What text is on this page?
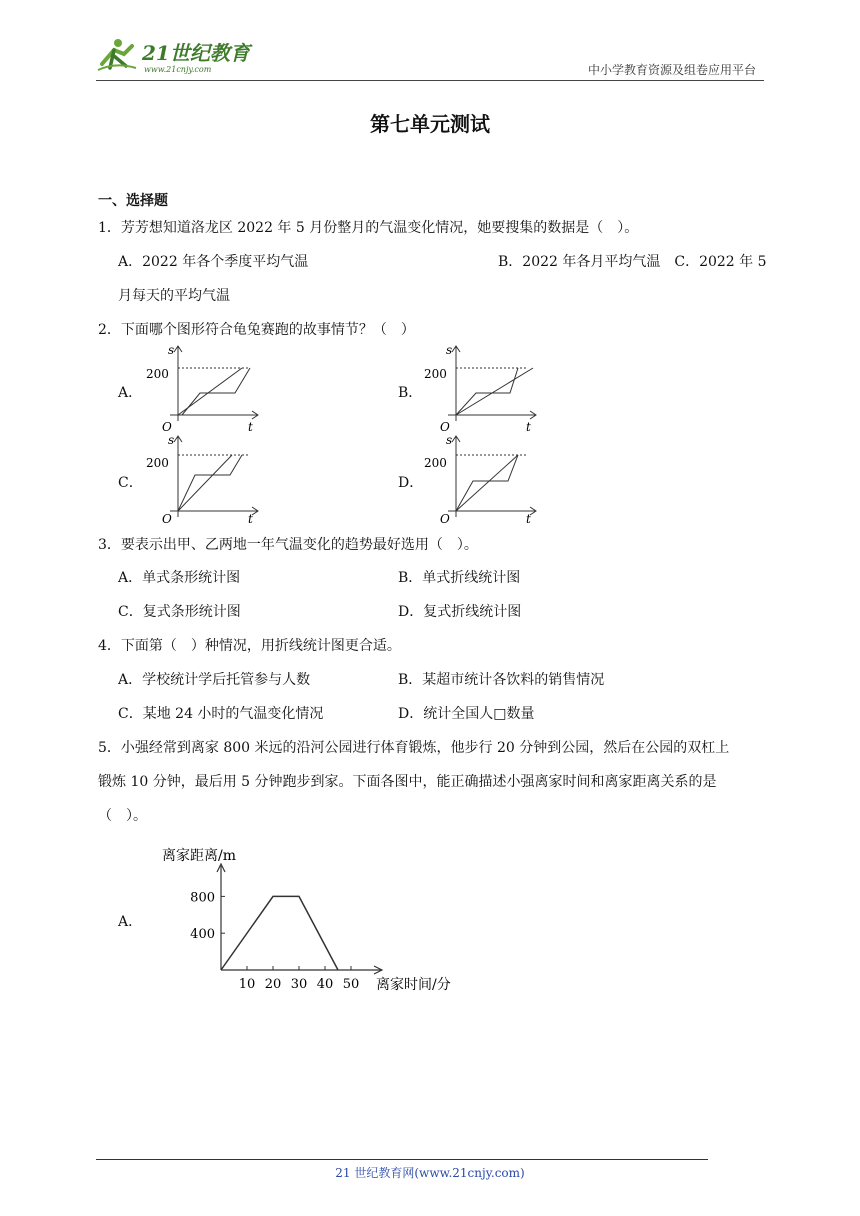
21世纪教育
www.21cnjy.com	中小学教育资源及组卷应用平台
第七单元测试
一、选择题
1．芳芳想知道洛龙区 2022 年 5 月份整月的气温变化情况，她要搜集的数据是（　）。
A．2022 年各个季度平均气温	B．2022 年各月平均气温　C．2022 年 5
月每天的平均气温
2．下面哪个图形符合龟兔赛跑的故事情节？（　）
A．
s
200
O	t
B．
s
200
O	t
C．
s
200
O	t
D．
s
200
O	t
3．要表示出甲、乙两地一年气温变化的趋势最好选用（　）。
A．单式条形统计图	B．单式折线统计图
C．复式条形统计图	D．复式折线统计图
4．下面第（　）种情况，用折线统计图更合适。
A．学校统计学后托管参与人数	B．某超市统计各饮料的销售情况
C．某地 24 小时的气温变化情况	D．统计全国人□数量
5．小强经常到离家 800 米远的沿河公园进行体育锻炼，他步行 20 分钟到公园，然后在公园的双杠上
锻炼 10 分钟，最后用 5 分钟跑步到家。下面各图中，能正确描述小强离家时间和离家距离关系的是
（　）。
A．
离家距离/m
离家时间/分
10 20 30 40 50
400
800
21 世纪教育网(www.21cnjy.com)
